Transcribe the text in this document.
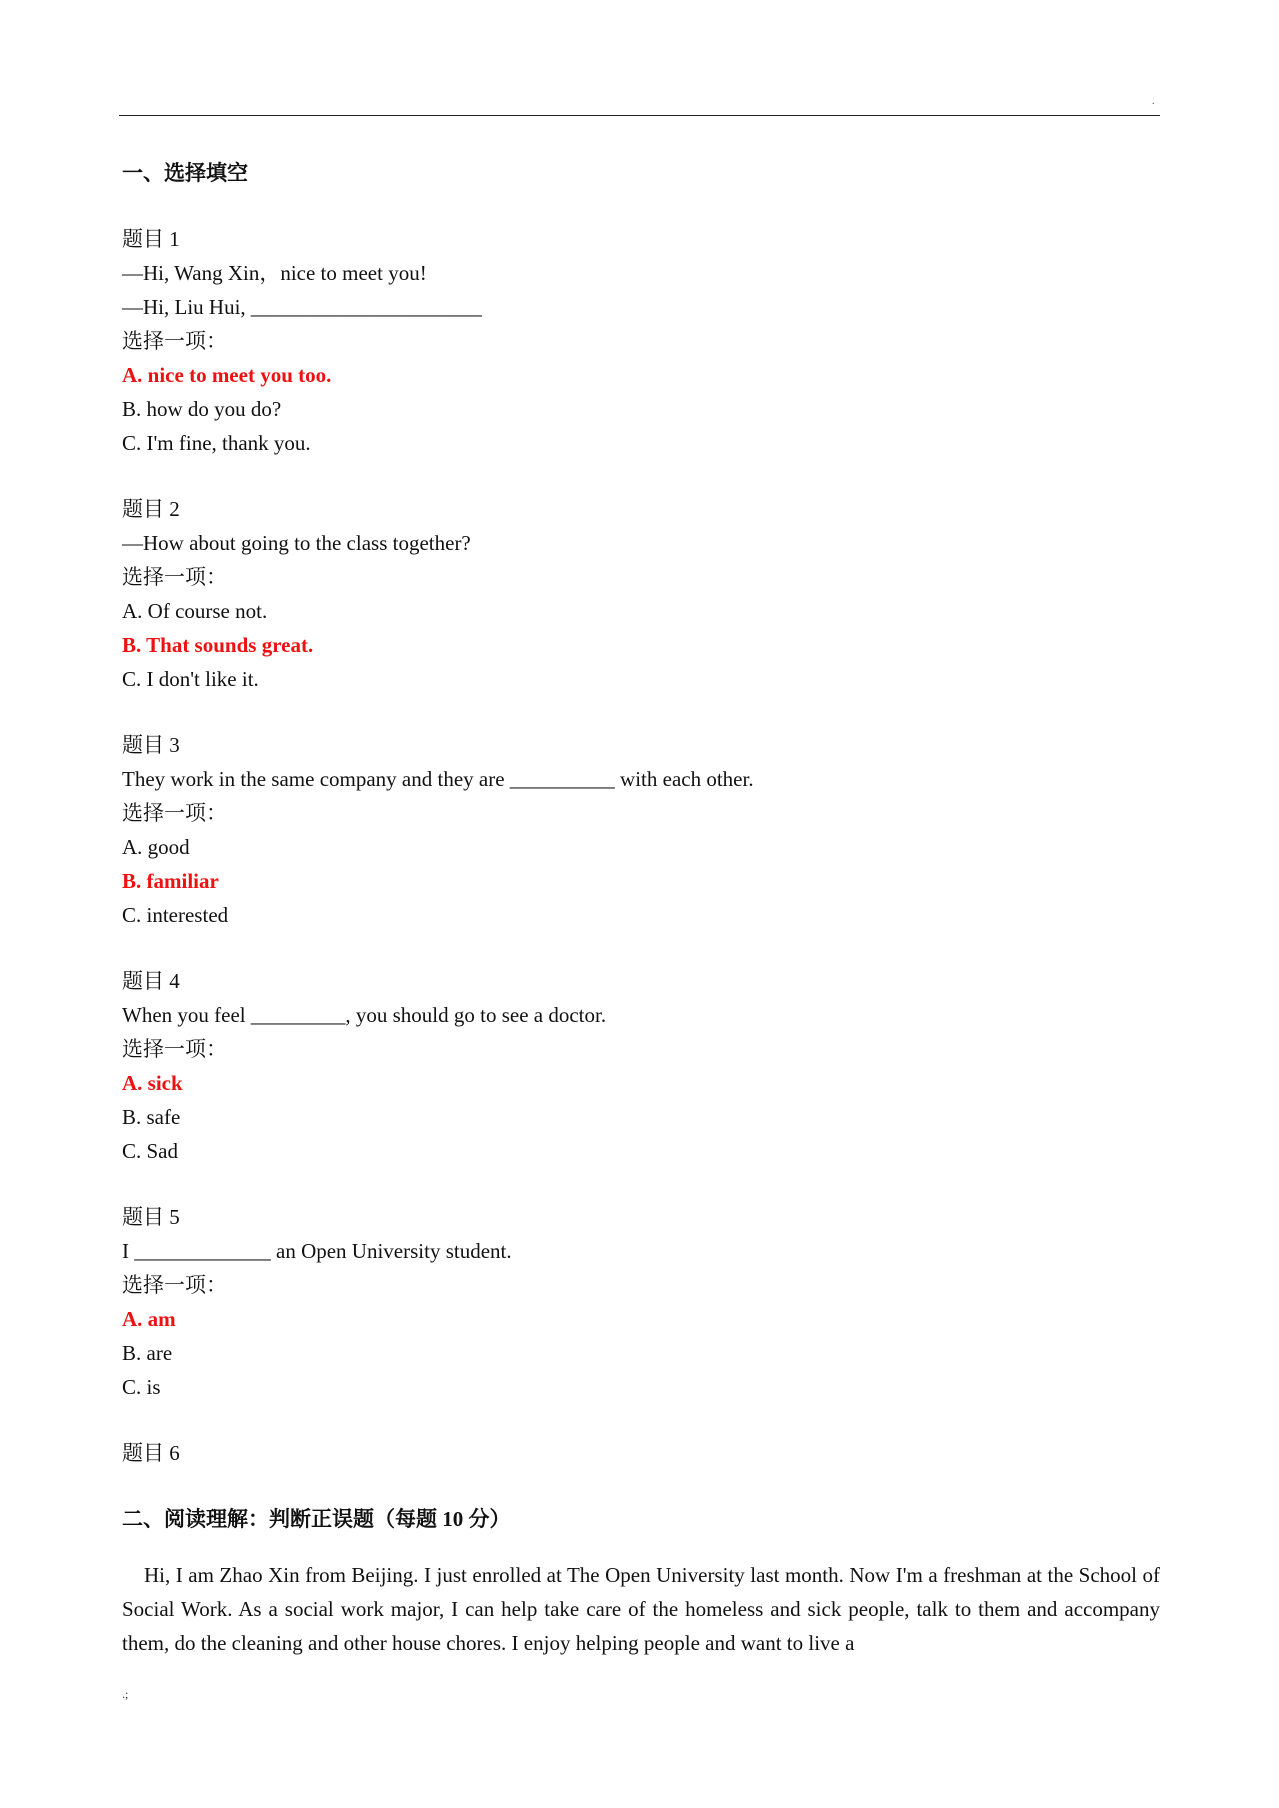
.

一、选择填空

题目 1

—Hi, Wang Xin，nice to meet you!

—Hi, Liu Hui, ______________________

选择一项：

A. nice to meet you too.

B. how do you do?

C. I'm fine, thank you.

题目 2

—How about going to the class together?

选择一项：

A. Of course not.

B. That sounds great.

C. I don't like it.

题目 3

They work in the same company and they are __________ with each other.

选择一项：

A. good

B. familiar

C. interested

题目 4

When you feel _________, you should go to see a doctor.

选择一项：

A. sick

B. safe

C. Sad

题目 5

I _____________ an Open University student.

选择一项：

A. am

B. are

C. is

题目 6

二、阅读理解：判断正误题（每题 10 分）

Hi, I am Zhao Xin from Beijing. I just enrolled at The Open University last month. Now I'm a freshman at the School of Social Work. As a social work major, I can help take care of the homeless and sick people, talk to them and accompany them, do the cleaning and other house chores. I enjoy helping people and want to live a

.;
